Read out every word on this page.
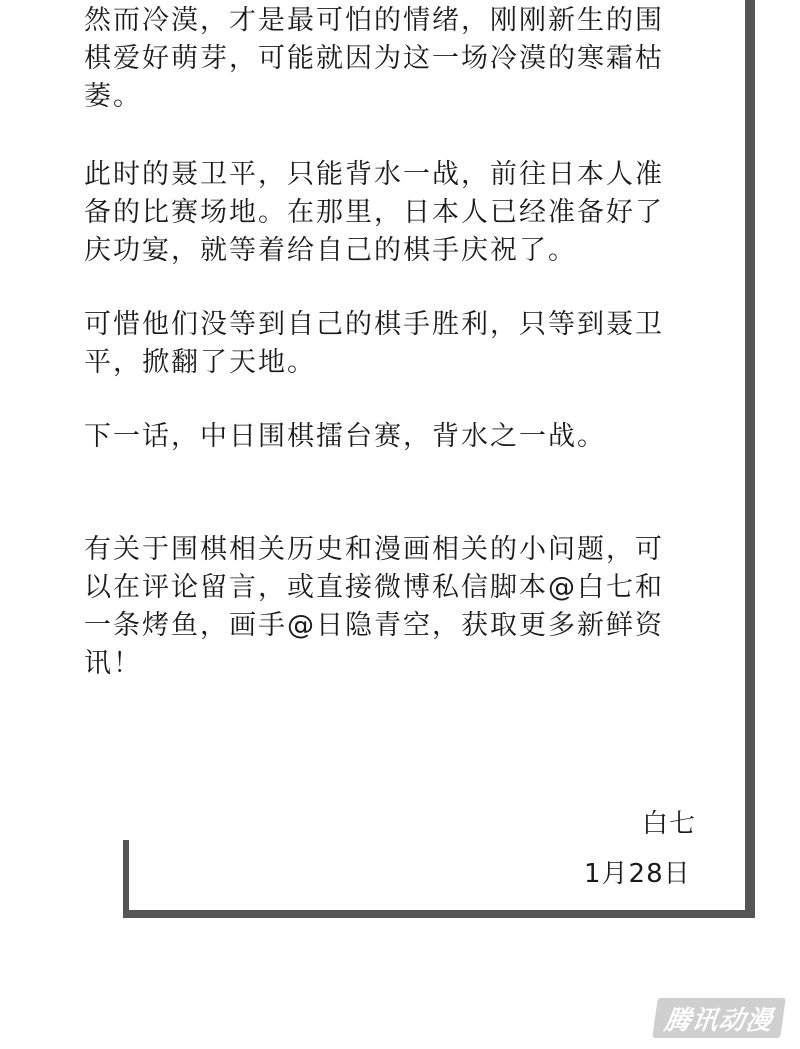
然而冷漠，才是最可怕的情绪，刚刚新生的围
棋爱好萌芽，可能就因为这一场冷漠的寒霜枯
萎。

此时的聂卫平，只能背水一战，前往日本人准
备的比赛场地。在那里，日本人已经准备好了
庆功宴，就等着给自己的棋手庆祝了。

可惜他们没等到自己的棋手胜利，只等到聂卫
平，掀翻了天地。

下一话，中日围棋擂台赛，背水之一战。

有关于围棋相关历史和漫画相关的小问题，可
以在评论留言，或直接微博私信脚本@白七和
一条烤鱼，画手@日隐青空，获取更多新鲜资
讯！

白七
1月28日
腾讯动漫
